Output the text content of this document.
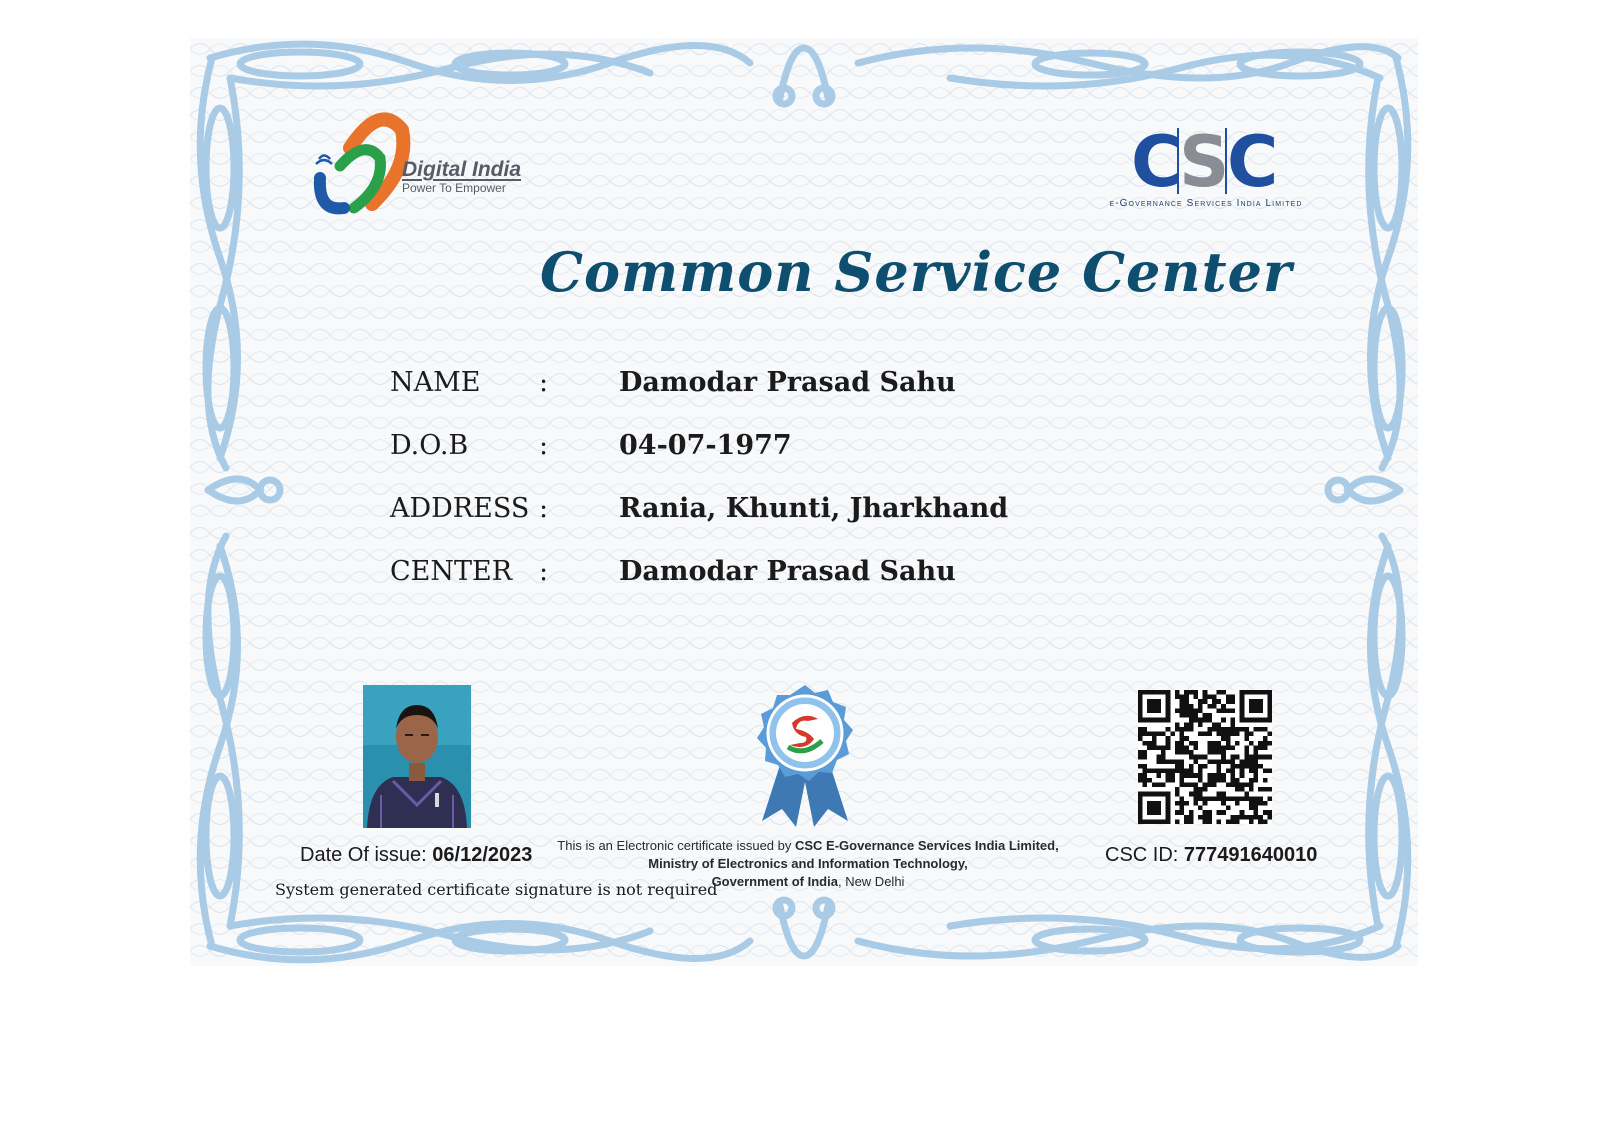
Digital India
Power To Empower	C
S
C
e-Governance Services India Limited
Common Service Center
NAME :	Damodar Prasad Sahu
D.O.B	:	04-07-1977
ADDRESS :	Rania, Khunti, Jharkhand
CENTER :	Damodar Prasad Sahu
Date Of issue: 06/12/2023
System generated certificate signature is not required
This is an Electronic certificate issued by CSC E-Governance Services India Limited,
Ministry of Electronics and Information Technology,
Government of India, New Delhi
CSC ID: 777491640010
